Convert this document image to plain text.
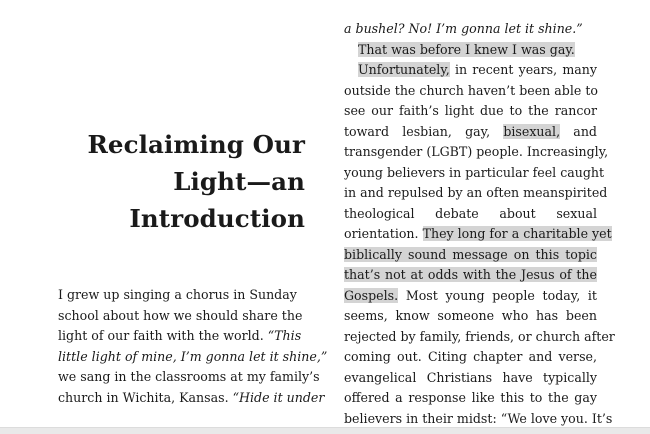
Reclaiming Our
Light—an
Introduction
I grew up singing a chorus in Sunday
school about how we should share the
light of our faith with the world. “This
little light of mine, I’m gonna let it shine,”
we sang in the classrooms at my family’s
church in Wichita, Kansas. “Hide it under
a bushel? No! I’m gonna let it shine.”
That was before I knew I was gay.
Unfortunately, in recent years, many
outside the church haven’t been able to
see our faith’s light due to the rancor
toward lesbian, gay, bisexual, and
transgender (LGBT) people. Increasingly,
young believers in particular feel caught
in and repulsed by an often meanspirited
theological debate about sexual
orientation. They long for a charitable yet
biblically sound message on this topic
that’s not at odds with the Jesus of the
Gospels. Most young people today, it
seems, know someone who has been
rejected by family, friends, or church after
coming out. Citing chapter and verse,
evangelical Christians have typically
offered a response like this to the gay
believers in their midst: “We love you. It’s
